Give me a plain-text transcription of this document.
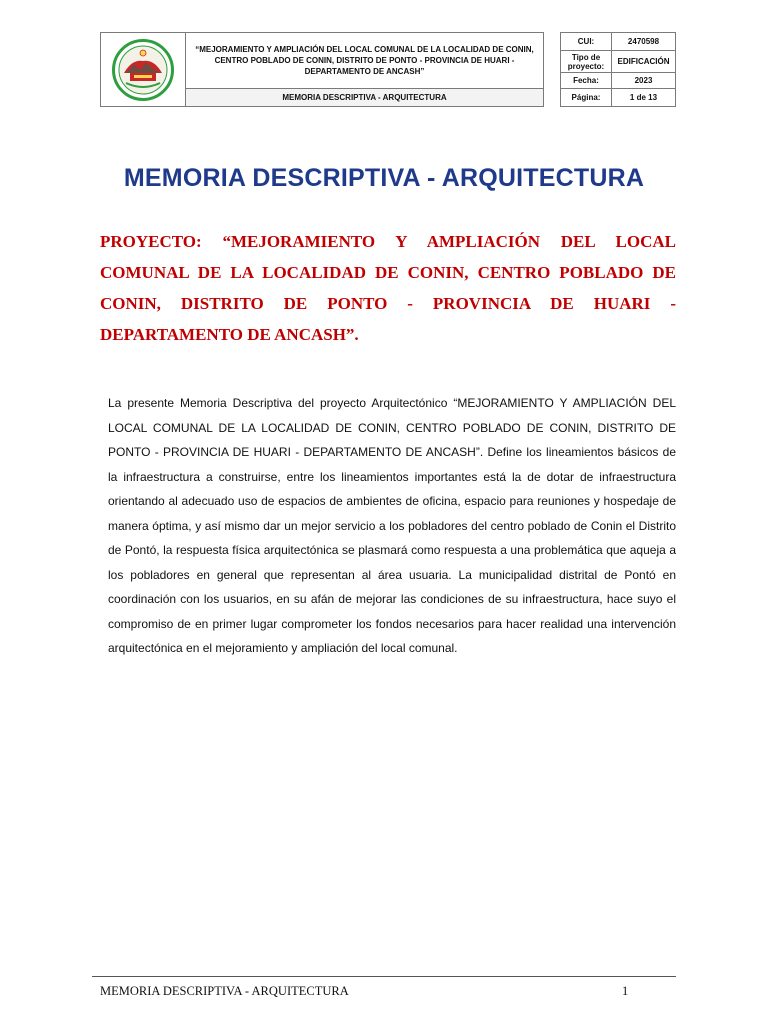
	“MEJORAMIENTO Y AMPLIACIÓN DEL LOCAL COMUNAL DE LA LOCALIDAD DE CONIN, CENTRO POBLADO DE CONIN, DISTRITO DE PONTO - PROVINCIA DE HUARI - DEPARTAMENTO DE ANCASH”		CUI:	2470598
			Tipo de proyecto:	EDIFICACIÓN
			Fecha:	2023
	MEMORIA DESCRIPTIVA - ARQUITECTURA		Página:	1 de 13
MEMORIA DESCRIPTIVA - ARQUITECTURA

PROYECTO: “MEJORAMIENTO Y AMPLIACIÓN DEL LOCAL COMUNAL DE LA LOCALIDAD DE CONIN, CENTRO POBLADO DE CONIN, DISTRITO DE PONTO - PROVINCIA DE HUARI - DEPARTAMENTO DE ANCASH”.

La presente Memoria Descriptiva del proyecto Arquitectónico “MEJORAMIENTO Y AMPLIACIÓN DEL LOCAL COMUNAL DE LA LOCALIDAD DE CONIN, CENTRO POBLADO DE CONIN, DISTRITO DE PONTO - PROVINCIA DE HUARI - DEPARTAMENTO DE ANCASH”. Define los lineamientos básicos de la infraestructura a construirse, entre los lineamientos importantes está la de dotar de infraestructura orientando al adecuado uso de espacios de ambientes de oficina, espacio para reuniones y hospedaje de manera óptima, y así mismo dar un mejor servicio a los pobladores del centro poblado de Conin el Distrito de Pontó, la respuesta física arquitectónica se plasmará como respuesta a una problemática que aqueja a los pobladores en general que representan al área usuaria. La municipalidad distrital de Pontó en coordinación con los usuarios, en su afán de mejorar las condiciones de su infraestructura, hace suyo el compromiso de en primer lugar comprometer los fondos necesarios para hacer realidad una intervención arquitectónica en el mejoramiento y ampliación del local comunal.

MEMORIA DESCRIPTIVA - ARQUITECTURA	1
